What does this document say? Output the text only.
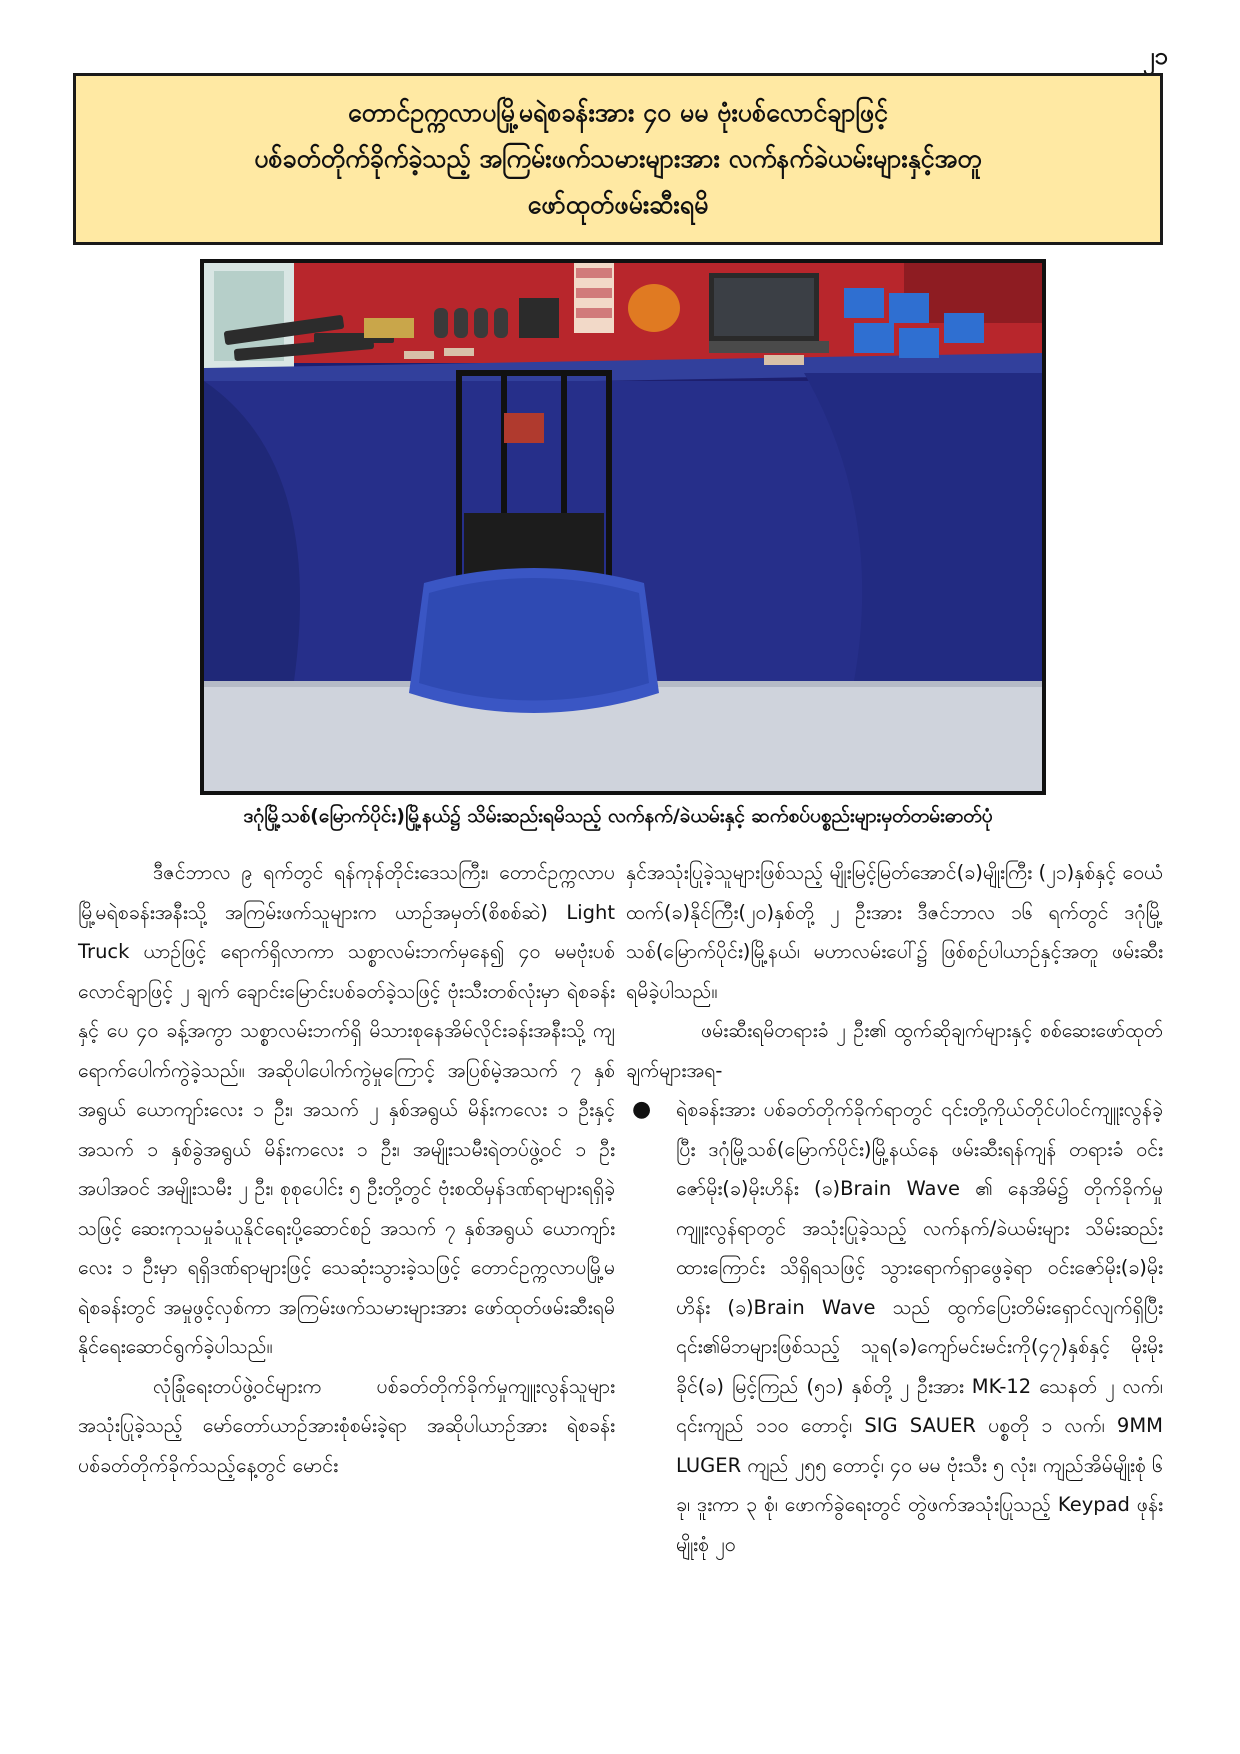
၂၁
တောင်ဥက္ကလာပမြို့မရဲစခန်းအား ၄၀ မမ ဗုံးပစ်လောင်ချာဖြင့်
ပစ်ခတ်တိုက်ခိုက်ခဲ့သည့် အကြမ်းဖက်သမားများအား လက်နက်ခဲယမ်းများနှင့်အတူ
ဖော်ထုတ်ဖမ်းဆီးရမိ
ဒဂုံမြို့သစ်(မြောက်ပိုင်း)မြို့နယ်၌ သိမ်းဆည်းရမိသည့် လက်နက်/ခဲယမ်းနှင့် ဆက်စပ်ပစ္စည်းများမှတ်တမ်းဓာတ်ပုံ

ဒီဇင်ဘာလ ၉ ရက်တွင် ရန်ကုန်တိုင်းဒေသကြီး၊ တောင်ဥက္ကလာပမြို့မရဲစခန်းအနီးသို့ အကြမ်းဖက်သူများက ယာဉ်အမှတ်(စိစစ်ဆဲ) Light Truck ယာဉ်ဖြင့် ရောက်ရှိလာကာ သစ္စာလမ်းဘက်မှနေ၍ ၄၀ မမဗုံးပစ် လောင်ချာဖြင့် ၂ ချက် ချောင်းမြောင်းပစ်ခတ်ခဲ့သဖြင့် ဗုံးသီးတစ်လုံးမှာ ရဲစခန်းနှင့် ပေ ၄၀ ခန့်အကွာ သစ္စာလမ်းဘက်ရှိ မိသားစုနေအိမ်လိုင်းခန်းအနီးသို့ ကျရောက်ပေါက်ကွဲခဲ့သည်။ အဆိုပါပေါက်ကွဲမှုကြောင့် အပြစ်မဲ့အသက် ၇ နှစ်အရွယ် ယောကျာ်းလေး ၁ ဦး၊ အသက် ၂ နှစ်အရွယ် မိန်းကလေး ၁ ဦးနှင့် အသက် ၁ နှစ်ခွဲအရွယ် မိန်းကလေး ၁ ဦး၊ အမျိုးသမီးရဲတပ်ဖွဲ့ဝင် ၁ ဦး အပါအဝင် အမျိုးသမီး ၂ ဦး၊ စုစုပေါင်း ၅ ဦးတို့တွင် ဗုံးစထိမှန်ဒဏ်ရာများရရှိခဲ့သဖြင့် ဆေးကုသမှုခံယူနိုင်ရေးပို့ဆောင်စဉ် အသက် ၇ နှစ်အရွယ် ယောကျာ်းလေး ၁ ဦးမှာ ရရှိဒဏ်ရာများဖြင့် သေဆုံးသွားခဲ့သဖြင့် တောင်ဥက္ကလာပမြို့မရဲစခန်းတွင် အမှုဖွင့်လှစ်ကာ အကြမ်းဖက်သမားများအား ဖော်ထုတ်ဖမ်းဆီးရမိနိုင်ရေးဆောင်ရွက်ခဲ့ပါသည်။

လုံခြုံရေးတပ်ဖွဲ့ဝင်များက ပစ်ခတ်တိုက်ခိုက်မှုကျူးလွန်သူများ အသုံးပြုခဲ့သည့် မော်တော်ယာဉ်အားစုံစမ်းခဲ့ရာ အဆိုပါယာဉ်အား ရဲစခန်းပစ်ခတ်တိုက်ခိုက်သည့်နေ့တွင် မောင်း

နှင်အသုံးပြုခဲ့သူများဖြစ်သည့် မျိုးမြင့်မြတ်အောင်(ခ)မျိုးကြီး (၂၁)နှစ်နှင့် ဝေယံထက်(ခ)နိုင်ကြီး(၂၀)နှစ်တို့ ၂ ဦးအား ဒီဇင်ဘာလ ၁၆ ရက်တွင် ဒဂုံမြို့သစ်(မြောက်ပိုင်း)မြို့နယ်၊ မဟာလမ်းပေါ်၌ ဖြစ်စဉ်ပါယာဉ်နှင့်အတူ ဖမ်းဆီးရမိခဲ့ပါသည်။

ဖမ်းဆီးရမိတရားခံ ၂ ဦး၏ ထွက်ဆိုချက်များနှင့် စစ်ဆေးဖော်ထုတ်ချက်များအရ-

●	ရဲစခန်းအား ပစ်ခတ်တိုက်ခိုက်ရာတွင် ၎င်းတို့ကိုယ်တိုင်ပါဝင်ကျူးလွန်ခဲ့ပြီး ဒဂုံမြို့သစ်(မြောက်ပိုင်း)မြို့နယ်နေ ဖမ်းဆီးရန်ကျန် တရားခံ ဝင်းဇော်မိုး(ခ)မိုးဟိန်း (ခ)Brain Wave ၏ နေအိမ်၌ တိုက်ခိုက်မှုကျူးလွန်ရာတွင် အသုံးပြုခဲ့သည့် လက်နက်/ခဲယမ်းများ သိမ်းဆည်းထားကြောင်း သိရှိရသဖြင့် သွားရောက်ရှာဖွေခဲ့ရာ ဝင်းဇော်မိုး(ခ)မိုးဟိန်း (ခ)Brain Wave သည် ထွက်ပြေးတိမ်းရှောင်လျက်ရှိပြီး ၎င်း၏မိဘများဖြစ်သည့် သူရ(ခ)ကျော်မင်းမင်းကို(၄၇)နှစ်နှင့် မိုးမိုးခိုင်(ခ) မြင့်ကြည် (၅၁) နှစ်တို့ ၂ ဦးအား MK-12 သေနတ် ၂ လက်၊ ၎င်းကျည် ၁၁၀ တောင့်၊ SIG SAUER ပစ္စတို ၁ လက်၊ 9MM LUGER ကျည် ၂၅၅ တောင့်၊ ၄၀ မမ ဗုံးသီး ၅ လုံး၊ ကျည်အိမ်မျိုးစုံ ၆ ခု၊ ဒူးကာ ၃ စုံ၊ ဖောက်ခွဲရေးတွင် တွဲဖက်အသုံးပြုသည့် Keypad ဖုန်းမျိုးစုံ ၂၀
